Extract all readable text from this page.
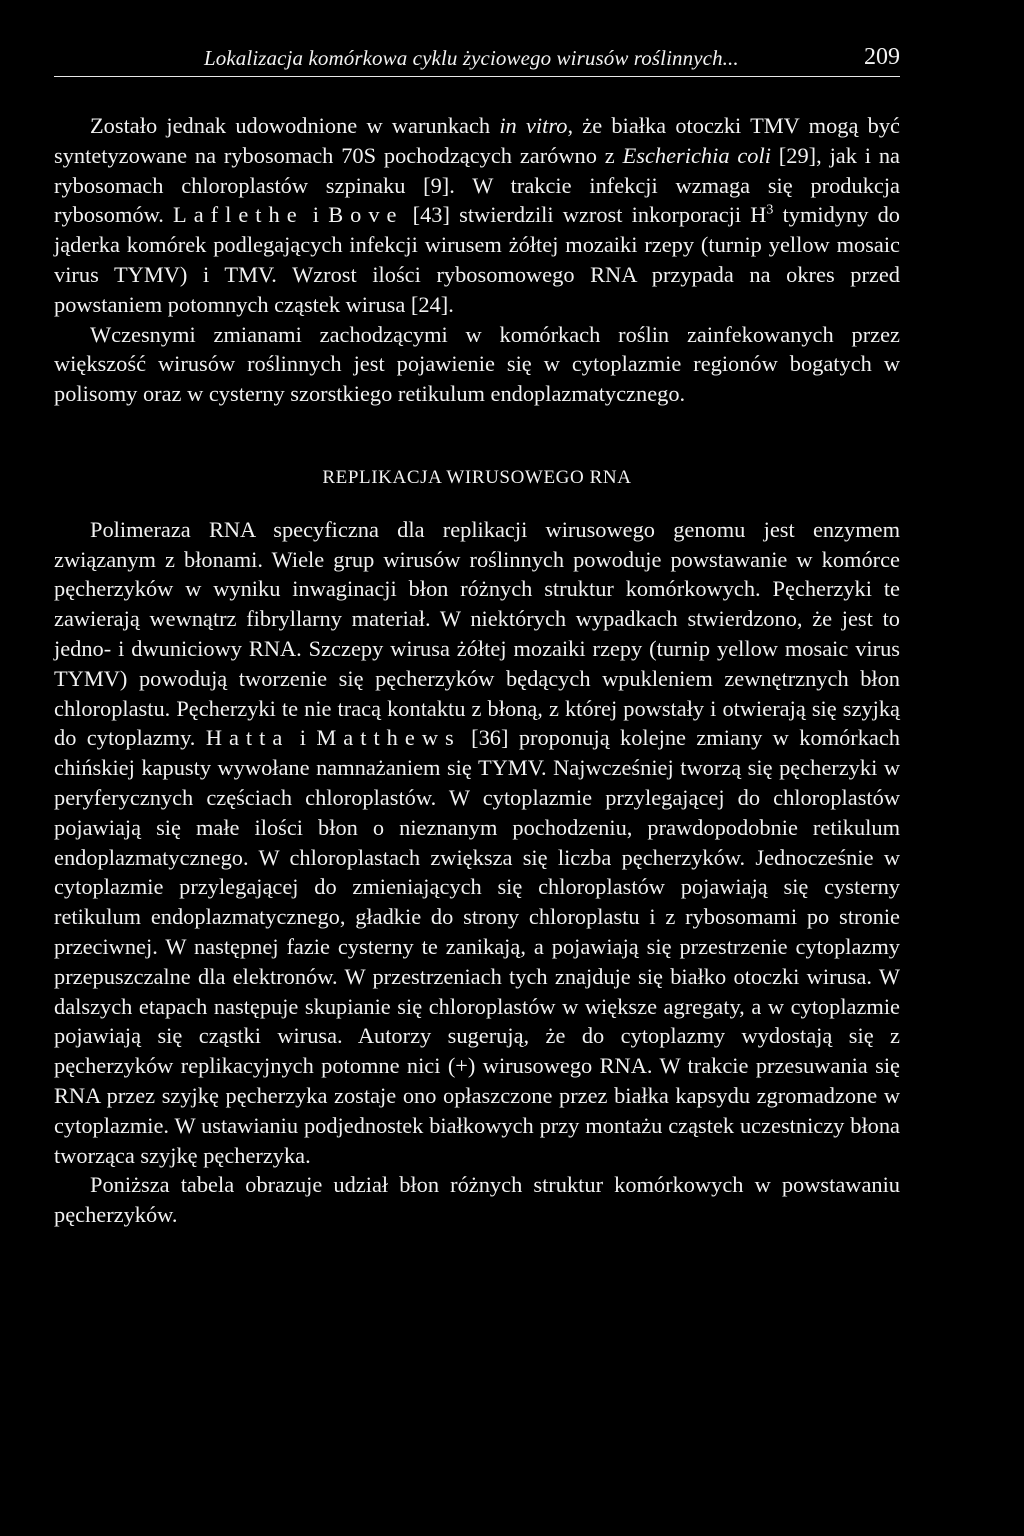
Lokalizacja komórkowa cyklu życiowego wirusów roślinnych...	209

Zostało jednak udowodnione w warunkach in vitro, że białka otoczki TMV mogą być syntetyzowane na rybosomach 70S pochodzących zarówno z Escherichia coli [29], jak i na rybosomach chloroplastów szpinaku [9]. W trakcie infekcji wzmaga się produkcja rybosomów. Laflethe i Bove [43] stwierdzili wzrost inkorporacji $H^3$ tymidyny do jąderka komórek podlegających infekcji wirusem żółtej mozaiki rzepy (turnip yellow mosaic virus TYMV) i TMV. Wzrost ilości rybosomowego RNA przypada na okres przed powstaniem potomnych cząstek wirusa [24].

Wczesnymi zmianami zachodzącymi w komórkach roślin zainfekowanych przez większość wirusów roślinnych jest pojawienie się w cytoplazmie regionów bogatych w polisomy oraz w cysterny szorstkiego retikulum endoplazmatycznego.

REPLIKACJA WIRUSOWEGO RNA

Polimeraza RNA specyficzna dla replikacji wirusowego genomu jest enzymem związanym z błonami. Wiele grup wirusów roślinnych powoduje powstawanie w komórce pęcherzyków w wyniku inwaginacji błon różnych struktur komórkowych. Pęcherzyki te zawierają wewnątrz fibryllarny materiał. W niektórych wypadkach stwierdzono, że jest to jedno- i dwuniciowy RNA. Szczepy wirusa żółtej mozaiki rzepy (turnip yellow mosaic virus TYMV) powodują tworzenie się pęcherzyków będących wpukleniem zewnętrznych błon chloroplastu. Pęcherzyki te nie tracą kontaktu z błoną, z której powstały i otwierają się szyjką do cytoplazmy. Hatta i Matthews [36] proponują kolejne zmiany w komórkach chińskiej kapusty wywołane namnażaniem się TYMV. Najwcześniej tworzą się pęcherzyki w peryferycznych częściach chloroplastów. W cytoplazmie przylegającej do chloroplastów pojawiają się małe ilości błon o nieznanym pochodzeniu, prawdopodobnie retikulum endoplazmatycznego. W chloroplastach zwiększa się liczba pęcherzyków. Jednocześnie w cytoplazmie przylegającej do zmieniających się chloroplastów pojawiają się cysterny retikulum endoplazmatycznego, gładkie do strony chloroplastu i z rybosomami po stronie przeciwnej. W następnej fazie cysterny te zanikają, a pojawiają się przestrzenie cytoplazmy przepuszczalne dla elektronów. W przestrzeniach tych znajduje się białko otoczki wirusa. W dalszych etapach następuje skupianie się chloroplastów w większe agregaty, a w cytoplazmie pojawiają się cząstki wirusa. Autorzy sugerują, że do cytoplazmy wydostają się z pęcherzyków replikacyjnych potomne nici (+) wirusowego RNA. W trakcie przesuwania się RNA przez szyjkę pęcherzyka zostaje ono opłaszczone przez białka kapsydu zgromadzone w cytoplazmie. W ustawianiu podjednostek białkowych przy montażu cząstek uczestniczy błona tworząca szyjkę pęcherzyka.

Poniższa tabela obrazuje udział błon różnych struktur komórkowych w powstawaniu pęcherzyków.
